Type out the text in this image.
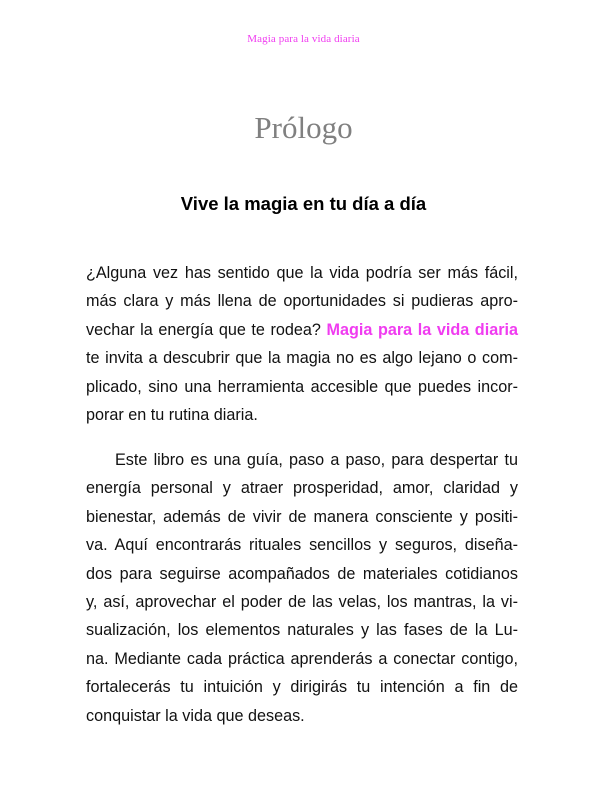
Magia para la vida diaria
Prólogo
Vive la magia en tu día a día
¿Alguna vez has sentido que la vida podría ser más fácil,
más clara y más llena de oportunidades si pudieras apro-
vechar la energía que te rodea? Magia para la vida diaria
te invita a descubrir que la magia no es algo lejano o com-
plicado, sino una herramienta accesible que puedes incor-
porar en tu rutina diaria.
Este libro es una guía, paso a paso, para despertar tu
energía personal y atraer prosperidad, amor, claridad y
bienestar, además de vivir de manera consciente y positi-
va. Aquí encontrarás rituales sencillos y seguros, diseña-
dos para seguirse acompañados de materiales cotidianos
y, así, aprovechar el poder de las velas, los mantras, la vi-
sualización, los elementos naturales y las fases de la Lu-
na. Mediante cada práctica aprenderás a conectar contigo,
fortalecerás tu intuición y dirigirás tu intención a fin de
conquistar la vida que deseas.
